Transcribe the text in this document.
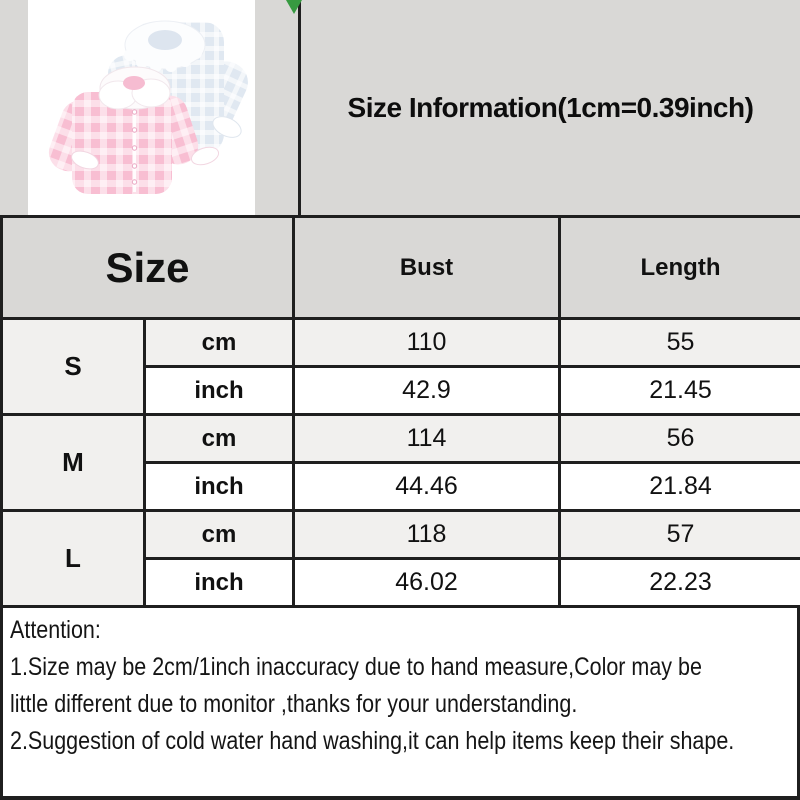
Size Information(1cm=0.39inch)
Size		Bust	Length
S	cm	110	55
	inch	42.9	21.45
M	cm	114	56
	inch	44.46	21.84
L	cm	118	57
	inch	46.02	22.23
Attention:
1.Size may be 2cm/1inch inaccuracy due to hand measure,Color may be
little different due to monitor ,thanks for your understanding.
2.Suggestion of cold water hand washing,it can help items keep their shape.
